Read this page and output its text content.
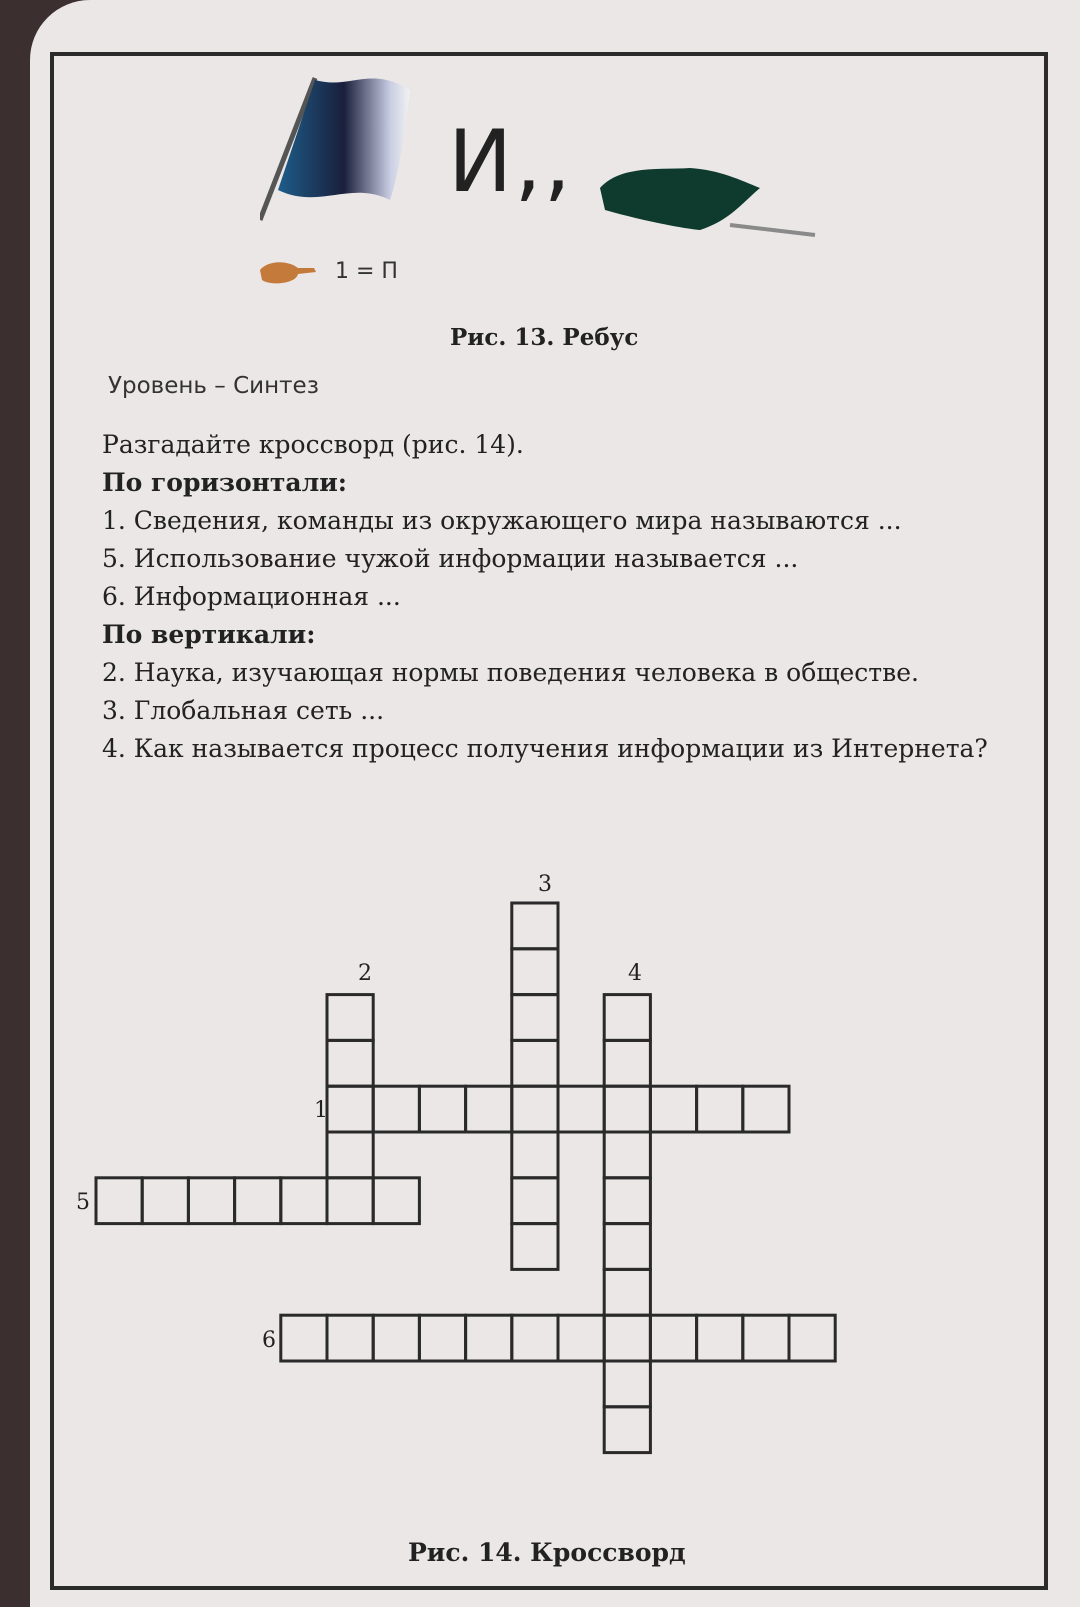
И,,
1 = П
Рис. 13. Ребус
Уровень – Синтез

Разгадайте кроссворд (рис. 14).

По горизонтали:

1. Сведения, команды из окружающего мира называются ...

5. Использование чужой информации называется ...

6. Информационная ...

По вертикали:

2. Наука, изучающая нормы поведения человека в обществе.

3. Глобальная сеть ...

4. Как называется процесс получения информации из Интернета?

2
3
4
1
5
6
Рис. 14. Кроссворд
